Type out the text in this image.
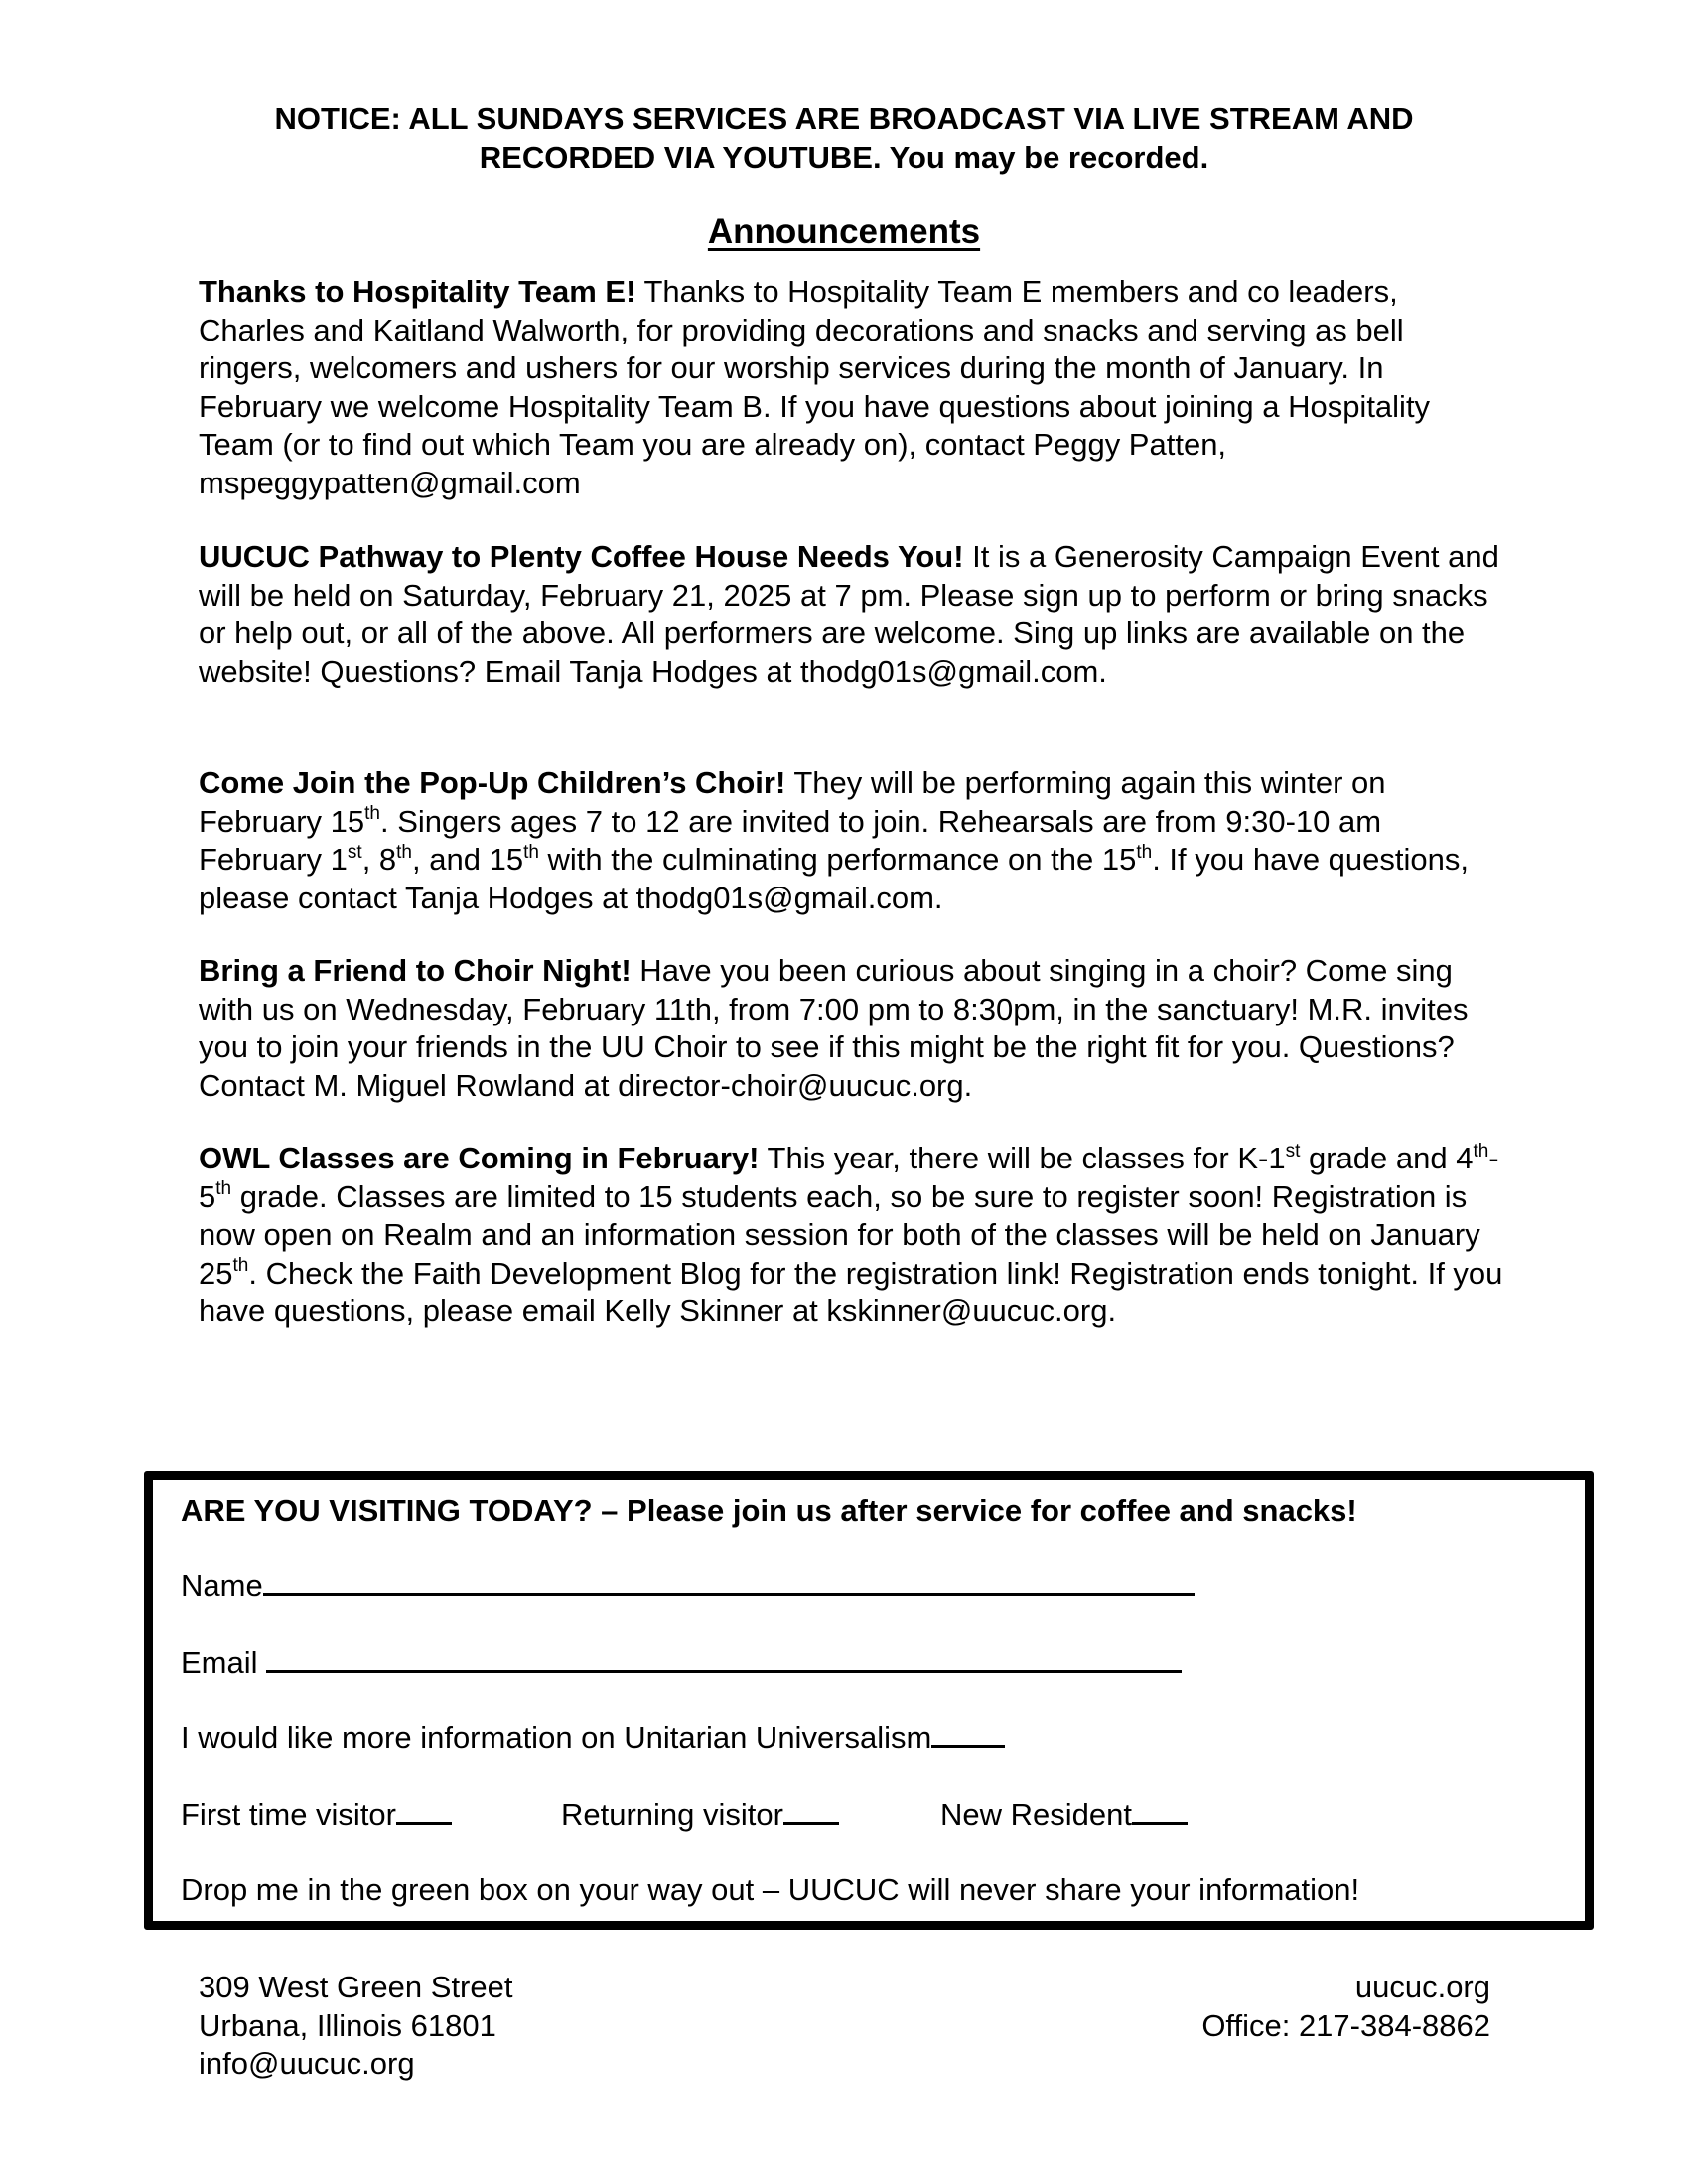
NOTICE: ALL SUNDAYS SERVICES ARE BROADCAST VIA LIVE STREAM AND
RECORDED VIA YOUTUBE. You may be recorded.
Announcements
Thanks to Hospitality Team E! Thanks to Hospitality Team E members and co leaders, Charles and Kaitland Walworth, for providing decorations and snacks and serving as bell ringers, welcomers and ushers for our worship services during the month of January. In February we welcome Hospitality Team B. If you have questions about joining a Hospitality Team (or to find out which Team you are already on), contact Peggy Patten, mspeggypatten@gmail.com
UUCUC Pathway to Plenty Coffee House Needs You! It is a Generosity Campaign Event and will be held on Saturday, February 21, 2025 at 7 pm. Please sign up to perform or bring snacks or help out, or all of the above. All performers are welcome. Sing up links are available on the website! Questions? Email Tanja Hodges at thodg01s@gmail.com.
Come Join the Pop-Up Children’s Choir! They will be performing again this winter on February 15th. Singers ages 7 to 12 are invited to join. Rehearsals are from 9:30-10 am February 1st, 8th, and 15th with the culminating performance on the 15th. If you have questions, please contact Tanja Hodges at thodg01s@gmail.com.
Bring a Friend to Choir Night! Have you been curious about singing in a choir? Come sing with us on Wednesday, February 11th, from 7:00 pm to 8:30pm, in the sanctuary! M.R. invites you to join your friends in the UU Choir to see if this might be the right fit for you. Questions? Contact M. Miguel Rowland at director-choir@uucuc.org.
OWL Classes are Coming in February! This year, there will be classes for K-1st grade and 4th-5th grade. Classes are limited to 15 students each, so be sure to register soon! Registration is now open on Realm and an information session for both of the classes will be held on January 25th. Check the Faith Development Blog for the registration link! Registration ends tonight. If you have questions, please email Kelly Skinner at kskinner@uucuc.org.
ARE YOU VISITING TODAY? – Please join us after service for coffee and snacks!
Name
Email
I would like more information on Unitarian Universalism
First time visitor	Returning visitor	New Resident
Drop me in the green box on your way out – UUCUC will never share your information!
309 West Green Street
Urbana, Illinois 61801
info@uucuc.org
uucuc.org
Office: 217-384-8862
